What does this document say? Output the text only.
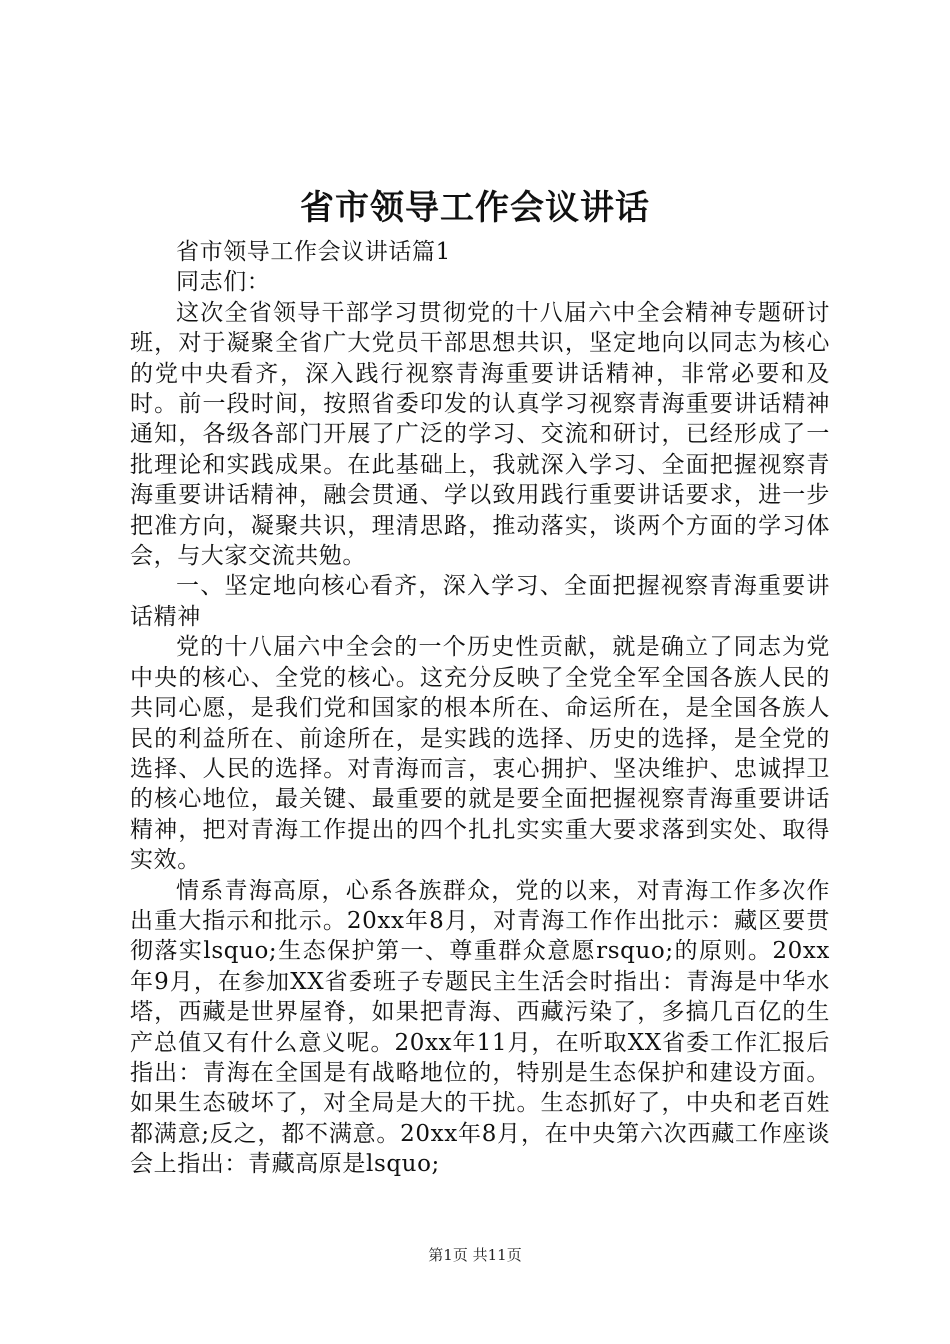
省市领导工作会议讲话

省市领导工作会议讲话篇1

同志们：

这次全省领导干部学习贯彻党的十八届六中全会精神专题研讨班，对于凝聚全省广大党员干部思想共识，坚定地向以同志为核心的党中央看齐，深入践行视察青海重要讲话精神，非常必要和及时。前一段时间，按照省委印发的认真学习视察青海重要讲话精神通知，各级各部门开展了广泛的学习、交流和研讨，已经形成了一批理论和实践成果。在此基础上，我就深入学习、全面把握视察青海重要讲话精神，融会贯通、学以致用践行重要讲话要求，进一步把准方向，凝聚共识，理清思路，推动落实，谈两个方面的学习体会，与大家交流共勉。

一、坚定地向核心看齐，深入学习、全面把握视察青海重要讲话精神

党的十八届六中全会的一个历史性贡献，就是确立了同志为党中央的核心、全党的核心。这充分反映了全党全军全国各族人民的共同心愿，是我们党和国家的根本所在、命运所在，是全国各族人民的利益所在、前途所在，是实践的选择、历史的选择，是全党的选择、人民的选择。对青海而言，衷心拥护、坚决维护、忠诚捍卫的核心地位，最关键、最重要的就是要全面把握视察青海重要讲话精神，把对青海工作提出的四个扎扎实实重大要求落到实处、取得实效。

情系青海高原，心系各族群众，党的以来，对青海工作多次作出重大指示和批示。20xx年8月，对青海工作作出批示：藏区要贯彻落实lsquo;生态保护第一、尊重群众意愿rsquo;的原则。20xx年9月，在参加XX省委班子专题民主生活会时指出：青海是中华水塔，西藏是世界屋脊，如果把青海、西藏污染了，多搞几百亿的生产总值又有什么意义呢。20xx年11月，在听取XX省委工作汇报后指出：青海在全国是有战略地位的，特别是生态保护和建设方面。如果生态破坏了，对全局是大的干扰。生态抓好了，中央和老百姓都满意;反之，都不满意。20xx年8月，在中央第六次西藏工作座谈会上指出：青藏高原是lsquo;

第1页 共11页
